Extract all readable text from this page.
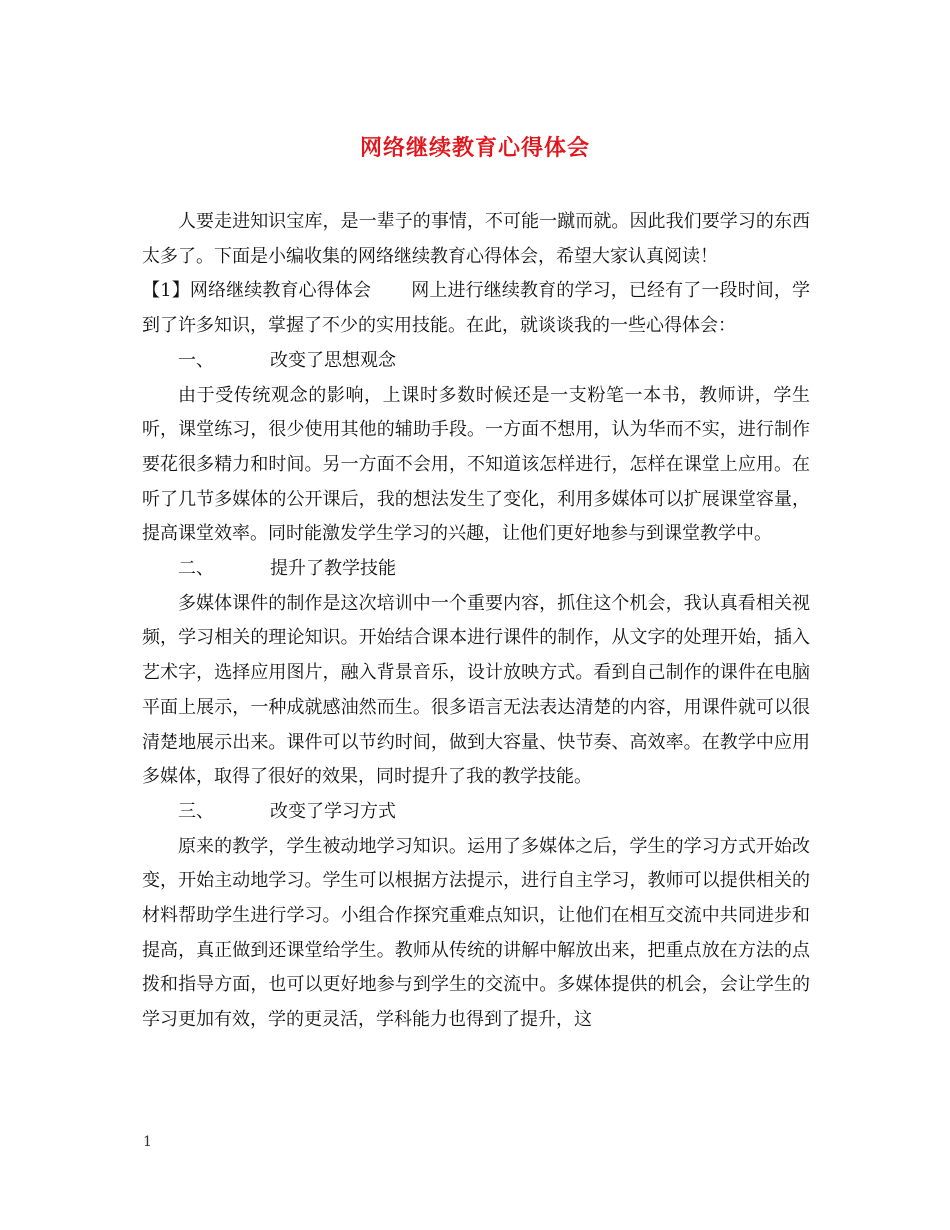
网络继续教育心得体会

人要走进知识宝库，是一辈子的事情，不可能一蹴而就。因此我们要学习的东西太多了。下面是小编收集的网络继续教育心得体会，希望大家认真阅读！

【1】网络继续教育心得体会 网上进行继续教育的学习，已经有了一段时间，学到了许多知识，掌握了不少的实用技能。在此，就谈谈我的一些心得体会：

一、	改变了思想观念

由于受传统观念的影响，上课时多数时候还是一支粉笔一本书，教师讲，学生听，课堂练习，很少使用其他的辅助手段。一方面不想用，认为华而不实，进行制作要花很多精力和时间。另一方面不会用，不知道该怎样进行，怎样在课堂上应用。在听了几节多媒体的公开课后，我的想法发生了变化，利用多媒体可以扩展课堂容量，提高课堂效率。同时能激发学生学习的兴趣，让他们更好地参与到课堂教学中。

二、	提升了教学技能

多媒体课件的制作是这次培训中一个重要内容，抓住这个机会，我认真看相关视频，学习相关的理论知识。开始结合课本进行课件的制作，从文字的处理开始，插入艺术字，选择应用图片，融入背景音乐，设计放映方式。看到自己制作的课件在电脑平面上展示，一种成就感油然而生。很多语言无法表达清楚的内容，用课件就可以很清楚地展示出来。课件可以节约时间，做到大容量、快节奏、高效率。在教学中应用多媒体，取得了很好的效果，同时提升了我的教学技能。

三、	改变了学习方式

原来的教学，学生被动地学习知识。运用了多媒体之后，学生的学习方式开始改变，开始主动地学习。学生可以根据方法提示，进行自主学习，教师可以提供相关的材料帮助学生进行学习。小组合作探究重难点知识，让他们在相互交流中共同进步和提高，真正做到还课堂给学生。教师从传统的讲解中解放出来，把重点放在方法的点拨和指导方面，也可以更好地参与到学生的交流中。多媒体提供的机会，会让学生的学习更加有效，学的更灵活，学科能力也得到了提升，这

1
